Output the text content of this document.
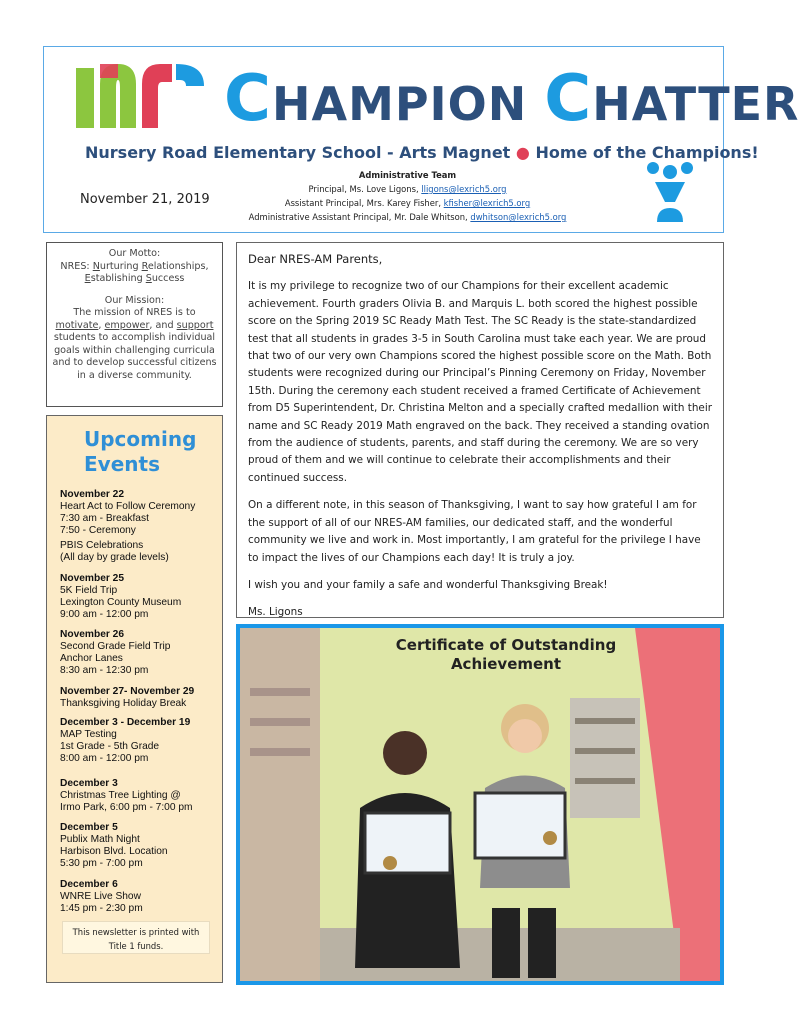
CHAMPION CHATTER
Nursery Road Elementary School - Arts Magnet ● Home of the Champions!
November 21, 2019
Administrative Team
Principal, Ms. Love Ligons, lligons@lexrich5.org
Assistant Principal, Mrs. Karey Fisher, kfisher@lexrich5.org
Administrative Assistant Principal, Mr. Dale Whitson, dwhitson@lexrich5.org

Our Motto:
NRES: Nurturing Relationships,
Establishing Success

Our Mission:
The mission of NRES is to
motivate, empower, and support students to accomplish individual goals within challenging curricula and to develop successful citizens in a diverse community.

Upcoming
Events
November 22
Heart Act to Follow Ceremony
7:30 am - Breakfast
7:50 - Ceremony
PBIS Celebrations
(All day by grade levels)
November 25
5K Field Trip
Lexington County Museum
9:00 am - 12:00 pm
November 26
Second Grade Field Trip
Anchor Lanes
8:30 am - 12:30 pm
November 27- November 29
Thanksgiving Holiday Break
December 3 - December 19
MAP Testing
1st Grade - 5th Grade
8:00 am - 12:00 pm
December 3
Christmas Tree Lighting @
Irmo Park, 6:00 pm - 7:00 pm
December 5
Publix Math Night
Harbison Blvd. Location
5:30 pm - 7:00 pm
December 6
WNRE Live Show
1:45 pm - 2:30 pm
This newsletter is printed with
Title 1 funds.

Dear NRES-AM Parents,

It is my privilege to recognize two of our Champions for their excellent academic achievement. Fourth graders Olivia B. and Marquis L. both scored the highest possible score on the Spring 2019 SC Ready Math Test. The SC Ready is the state-standardized test that all students in grades 3-5 in South Carolina must take each year. We are proud that two of our very own Champions scored the highest possible score on the Math. Both students were recognized during our Principal’s Pinning Ceremony on Friday, November 15th. During the ceremony each student received a framed Certificate of Achievement from D5 Superintendent, Dr. Christina Melton and a specially crafted medallion with their name and SC Ready 2019 Math engraved on the back. They received a standing ovation from the audience of students, parents, and staff during the ceremony. We are so very proud of them and we will continue to celebrate their accomplishments and their continued success.

On a different note, in this season of Thanksgiving, I want to say how grateful I am for the support of all of our NRES-AM families, our dedicated staff, and the wonderful community we live and work in. Most importantly, I am grateful for the privilege I have to impact the lives of our Champions each day! It is truly a joy.

I wish you and your family a safe and wonderful Thanksgiving Break!

Ms. Ligons

Certificate of Outstanding
Achievement
